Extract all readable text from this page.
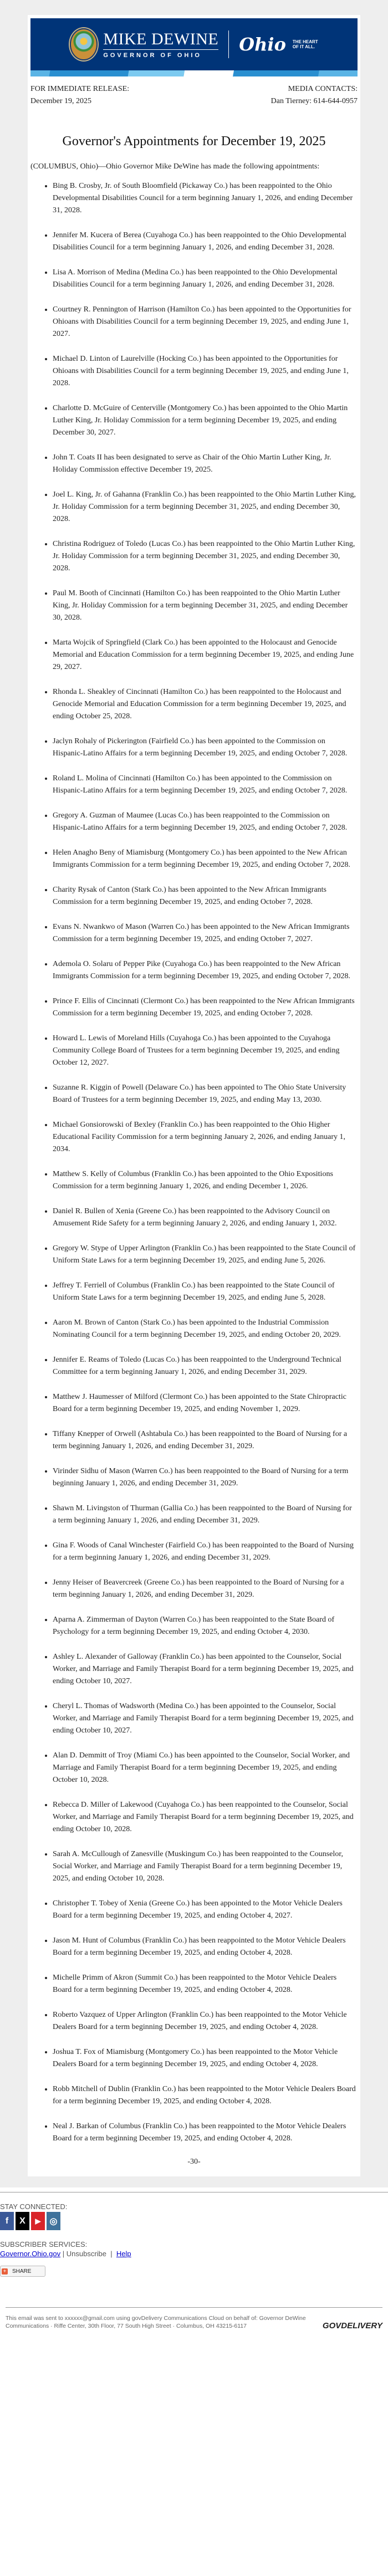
MIKE DEWINE
GOVERNOR OF OHIO
Ohio THE HEART
OF IT ALL.
FOR IMMEDIATE RELEASE:
December 19, 2025
MEDIA CONTACTS:
Dan Tierney: 614-644-0957
Governor's Appointments for December 19, 2025

(COLUMBUS, Ohio)—Ohio Governor Mike DeWine has made the following appointments:

• Bing B. Crosby, Jr. of South Bloomfield (Pickaway Co.) has been reappointed to the Ohio Developmental Disabilities Council for a term beginning January 1, 2026, and ending December 31, 2028.
• Jennifer M. Kucera of Berea (Cuyahoga Co.) has been reappointed to the Ohio Developmental Disabilities Council for a term beginning January 1, 2026, and ending December 31, 2028.
• Lisa A. Morrison of Medina (Medina Co.) has been reappointed to the Ohio Developmental Disabilities Council for a term beginning January 1, 2026, and ending December 31, 2028.
• Courtney R. Pennington of Harrison (Hamilton Co.) has been appointed to the Opportunities for Ohioans with Disabilities Council for a term beginning December 19, 2025, and ending June 1, 2027.
• Michael D. Linton of Laurelville (Hocking Co.) has been appointed to the Opportunities for Ohioans with Disabilities Council for a term beginning December 19, 2025, and ending June 1, 2028.
• Charlotte D. McGuire of Centerville (Montgomery Co.) has been appointed to the Ohio Martin Luther King, Jr. Holiday Commission for a term beginning December 19, 2025, and ending December 30, 2027.
• John T. Coats II has been designated to serve as Chair of the Ohio Martin Luther King, Jr. Holiday Commission effective December 19, 2025.
• Joel L. King, Jr. of Gahanna (Franklin Co.) has been reappointed to the Ohio Martin Luther King, Jr. Holiday Commission for a term beginning December 31, 2025, and ending December 30, 2028.
• Christina Rodriguez of Toledo (Lucas Co.) has been reappointed to the Ohio Martin Luther King, Jr. Holiday Commission for a term beginning December 31, 2025, and ending December 30, 2028.
• Paul M. Booth of Cincinnati (Hamilton Co.) has been reappointed to the Ohio Martin Luther King, Jr. Holiday Commission for a term beginning December 31, 2025, and ending December 30, 2028.
• Marta Wojcik of Springfield (Clark Co.) has been appointed to the Holocaust and Genocide Memorial and Education Commission for a term beginning December 19, 2025, and ending June 29, 2027.
• Rhonda L. Sheakley of Cincinnati (Hamilton Co.) has been reappointed to the Holocaust and Genocide Memorial and Education Commission for a term beginning December 19, 2025, and ending October 25, 2028.
• Jaclyn Rohaly of Pickerington (Fairfield Co.) has been appointed to the Commission on Hispanic-Latino Affairs for a term beginning December 19, 2025, and ending October 7, 2028.
• Roland L. Molina of Cincinnati (Hamilton Co.) has been appointed to the Commission on Hispanic-Latino Affairs for a term beginning December 19, 2025, and ending October 7, 2028.
• Gregory A. Guzman of Maumee (Lucas Co.) has been reappointed to the Commission on Hispanic-Latino Affairs for a term beginning December 19, 2025, and ending October 7, 2028.
• Helen Anagho Beny of Miamisburg (Montgomery Co.) has been appointed to the New African Immigrants Commission for a term beginning December 19, 2025, and ending October 7, 2028.
• Charity Rysak of Canton (Stark Co.) has been appointed to the New African Immigrants Commission for a term beginning December 19, 2025, and ending October 7, 2028.
• Evans N. Nwankwo of Mason (Warren Co.) has been appointed to the New African Immigrants Commission for a term beginning December 19, 2025, and ending October 7, 2027.
• Ademola O. Solaru of Pepper Pike (Cuyahoga Co.) has been reappointed to the New African Immigrants Commission for a term beginning December 19, 2025, and ending October 7, 2028.
• Prince F. Ellis of Cincinnati (Clermont Co.) has been reappointed to the New African Immigrants Commission for a term beginning December 19, 2025, and ending October 7, 2028.
• Howard L. Lewis of Moreland Hills (Cuyahoga Co.) has been appointed to the Cuyahoga Community College Board of Trustees for a term beginning December 19, 2025, and ending October 12, 2027.
• Suzanne R. Kiggin of Powell (Delaware Co.) has been appointed to The Ohio State University Board of Trustees for a term beginning December 19, 2025, and ending May 13, 2030.
• Michael Gonsiorowski of Bexley (Franklin Co.) has been reappointed to the Ohio Higher Educational Facility Commission for a term beginning January 2, 2026, and ending January 1, 2034.
• Matthew S. Kelly of Columbus (Franklin Co.) has been appointed to the Ohio Expositions Commission for a term beginning January 1, 2026, and ending December 1, 2026.
• Daniel R. Bullen of Xenia (Greene Co.) has been reappointed to the Advisory Council on Amusement Ride Safety for a term beginning January 2, 2026, and ending January 1, 2032.
• Gregory W. Stype of Upper Arlington (Franklin Co.) has been reappointed to the State Council of Uniform State Laws for a term beginning December 19, 2025, and ending June 5, 2026.
• Jeffrey T. Ferriell of Columbus (Franklin Co.) has been reappointed to the State Council of Uniform State Laws for a term beginning December 19, 2025, and ending June 5, 2028.
• Aaron M. Brown of Canton (Stark Co.) has been appointed to the Industrial Commission Nominating Council for a term beginning December 19, 2025, and ending October 20, 2029.
• Jennifer E. Reams of Toledo (Lucas Co.) has been reappointed to the Underground Technical Committee for a term beginning January 1, 2026, and ending December 31, 2029.
• Matthew J. Haumesser of Milford (Clermont Co.) has been appointed to the State Chiropractic Board for a term beginning December 19, 2025, and ending November 1, 2029.
• Tiffany Knepper of Orwell (Ashtabula Co.) has been reappointed to the Board of Nursing for a term beginning January 1, 2026, and ending December 31, 2029.
• Virinder Sidhu of Mason (Warren Co.) has been reappointed to the Board of Nursing for a term beginning January 1, 2026, and ending December 31, 2029.
• Shawn M. Livingston of Thurman (Gallia Co.) has been reappointed to the Board of Nursing for a term beginning January 1, 2026, and ending December 31, 2029.
• Gina F. Woods of Canal Winchester (Fairfield Co.) has been reappointed to the Board of Nursing for a term beginning January 1, 2026, and ending December 31, 2029.
• Jenny Heiser of Beavercreek (Greene Co.) has been reappointed to the Board of Nursing for a term beginning January 1, 2026, and ending December 31, 2029.
• Aparna A. Zimmerman of Dayton (Warren Co.) has been reappointed to the State Board of Psychology for a term beginning December 19, 2025, and ending October 4, 2030.
• Ashley L. Alexander of Galloway (Franklin Co.) has been appointed to the Counselor, Social Worker, and Marriage and Family Therapist Board for a term beginning December 19, 2025, and ending October 10, 2027.
• Cheryl L. Thomas of Wadsworth (Medina Co.) has been appointed to the Counselor, Social Worker, and Marriage and Family Therapist Board for a term beginning December 19, 2025, and ending October 10, 2027.
• Alan D. Demmitt of Troy (Miami Co.) has been appointed to the Counselor, Social Worker, and Marriage and Family Therapist Board for a term beginning December 19, 2025, and ending October 10, 2028.
• Rebecca D. Miller of Lakewood (Cuyahoga Co.) has been reappointed to the Counselor, Social Worker, and Marriage and Family Therapist Board for a term beginning December 19, 2025, and ending October 10, 2028.
• Sarah A. McCullough of Zanesville (Muskingum Co.) has been reappointed to the Counselor, Social Worker, and Marriage and Family Therapist Board for a term beginning December 19, 2025, and ending October 10, 2028.
• Christopher T. Tobey of Xenia (Greene Co.) has been appointed to the Motor Vehicle Dealers Board for a term beginning December 19, 2025, and ending October 4, 2027.
• Jason M. Hunt of Columbus (Franklin Co.) has been reappointed to the Motor Vehicle Dealers Board for a term beginning December 19, 2025, and ending October 4, 2028.
• Michelle Primm of Akron (Summit Co.) has been reappointed to the Motor Vehicle Dealers Board for a term beginning December 19, 2025, and ending October 4, 2028.
• Roberto Vazquez of Upper Arlington (Franklin Co.) has been reappointed to the Motor Vehicle Dealers Board for a term beginning December 19, 2025, and ending October 4, 2028.
• Joshua T. Fox of Miamisburg (Montgomery Co.) has been reappointed to the Motor Vehicle Dealers Board for a term beginning December 19, 2025, and ending October 4, 2028.
• Robb Mitchell of Dublin (Franklin Co.) has been reappointed to the Motor Vehicle Dealers Board for a term beginning December 19, 2025, and ending October 4, 2028.
• Neal J. Barkan of Columbus (Franklin Co.) has been reappointed to the Motor Vehicle Dealers Board for a term beginning December 19, 2025, and ending October 4, 2028.
-30-
STAY CONNECTED:
f	X	▶	◎
SUBSCRIBER SERVICES:
Governor.Ohio.gov | Unsubscribe | Help
+ SHARE
This email was sent to xxxxxx@gmail.com using govDelivery Communications Cloud on behalf of: Governor DeWine
Communications · Riffe Center, 30th Floor, 77 South High Street · Columbus, OH 43215-6117	GOVDELIVERY
